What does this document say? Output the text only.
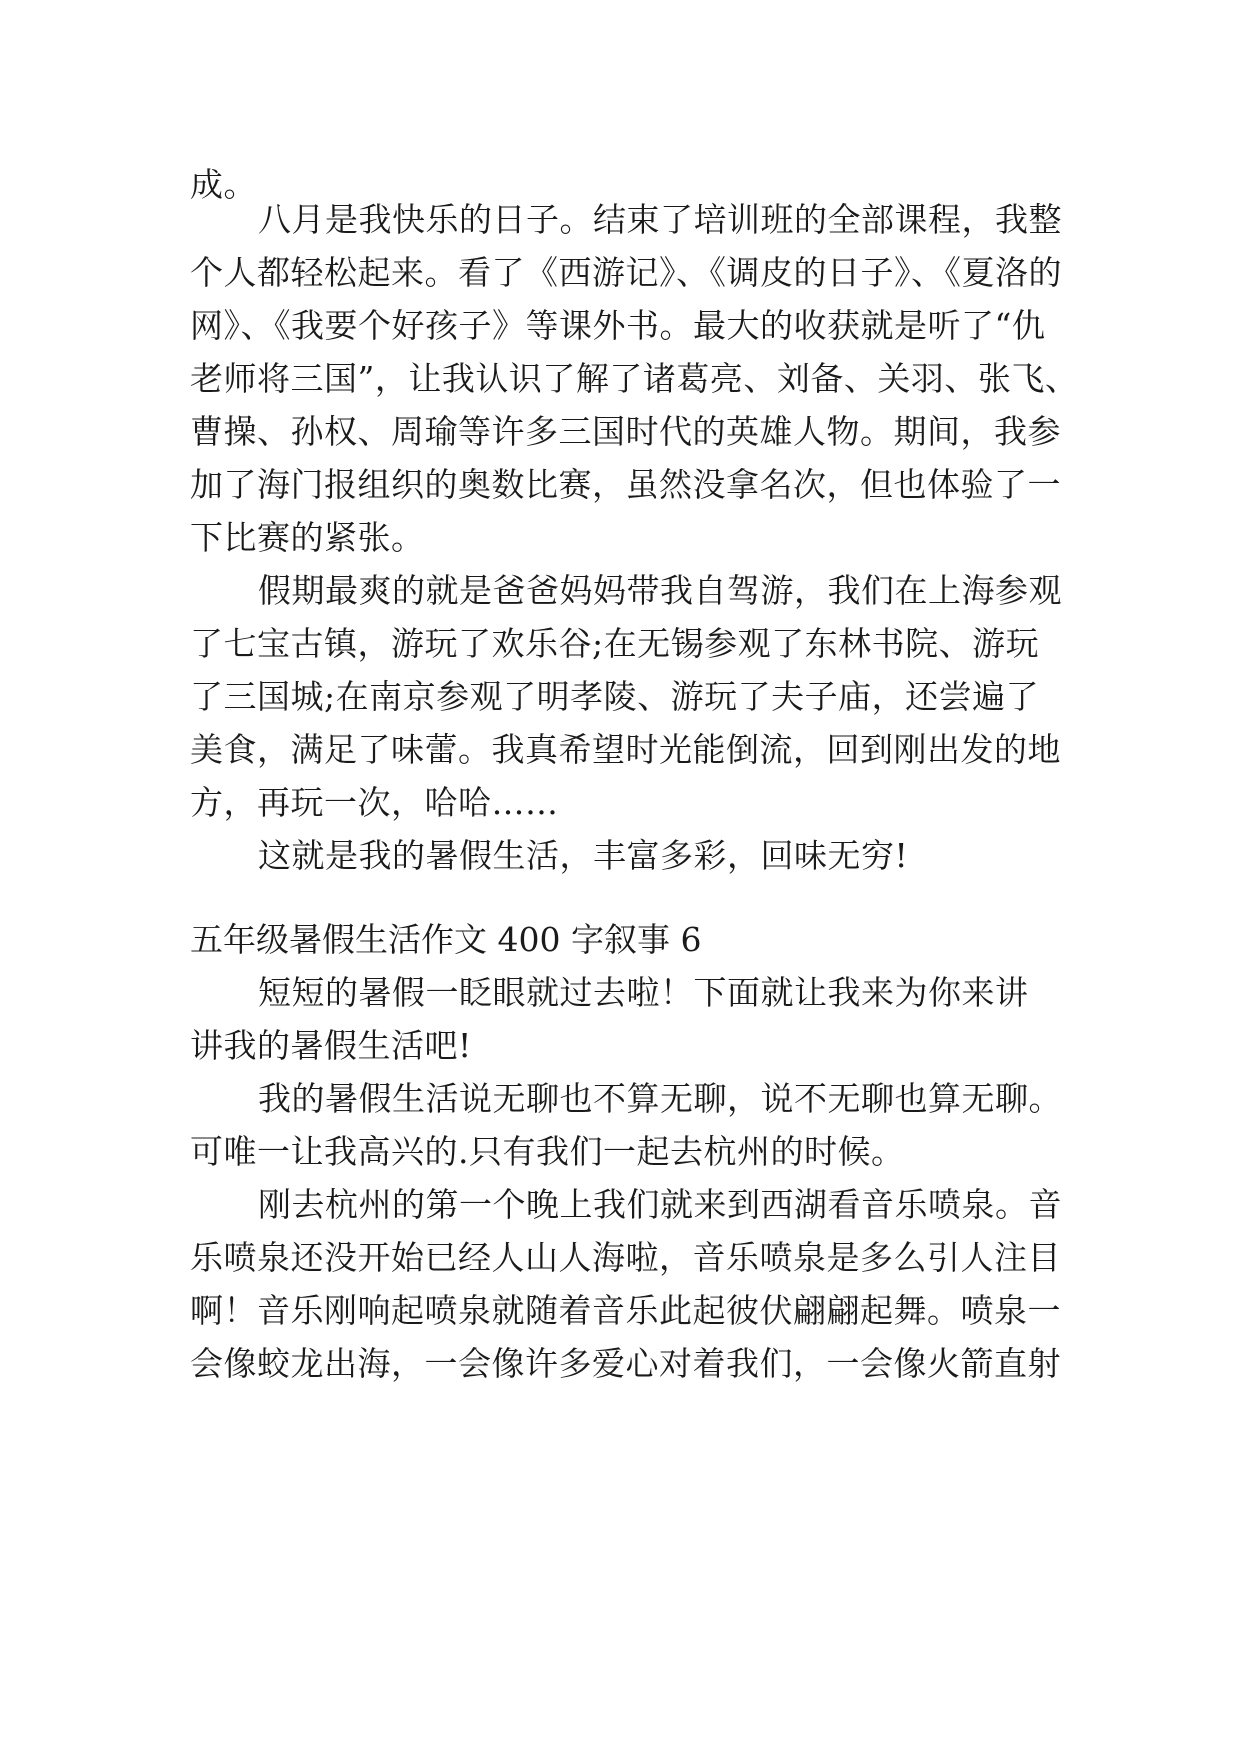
成。
八月是我快乐的日子。结束了培训班的全部课程，我整
个人都轻松起来。看了《西游记》、《调皮的日子》、《夏洛的
网》、《我要个好孩子》等课外书。最大的收获就是听了“仇
老师将三国”，让我认识了解了诸葛亮、刘备、关羽、张飞、
曹操、孙权、周瑜等许多三国时代的英雄人物。期间，我参
加了海门报组织的奥数比赛，虽然没拿名次，但也体验了一
下比赛的紧张。
假期最爽的就是爸爸妈妈带我自驾游，我们在上海参观
了七宝古镇，游玩了欢乐谷;在无锡参观了东林书院、游玩
了三国城;在南京参观了明孝陵、游玩了夫子庙，还尝遍了
美食，满足了味蕾。我真希望时光能倒流，回到刚出发的地
方，再玩一次，哈哈……
这就是我的暑假生活，丰富多彩，回味无穷!
五年级暑假生活作文 400 字叙事 6
短短的暑假一眨眼就过去啦！下面就让我来为你来讲
讲我的暑假生活吧!
我的暑假生活说无聊也不算无聊，说不无聊也算无聊。
可唯一让我高兴的.只有我们一起去杭州的时候。
刚去杭州的第一个晚上我们就来到西湖看音乐喷泉。音
乐喷泉还没开始已经人山人海啦，音乐喷泉是多么引人注目
啊！音乐刚响起喷泉就随着音乐此起彼伏翩翩起舞。喷泉一
会像蛟龙出海，一会像许多爱心对着我们，一会像火箭直射
